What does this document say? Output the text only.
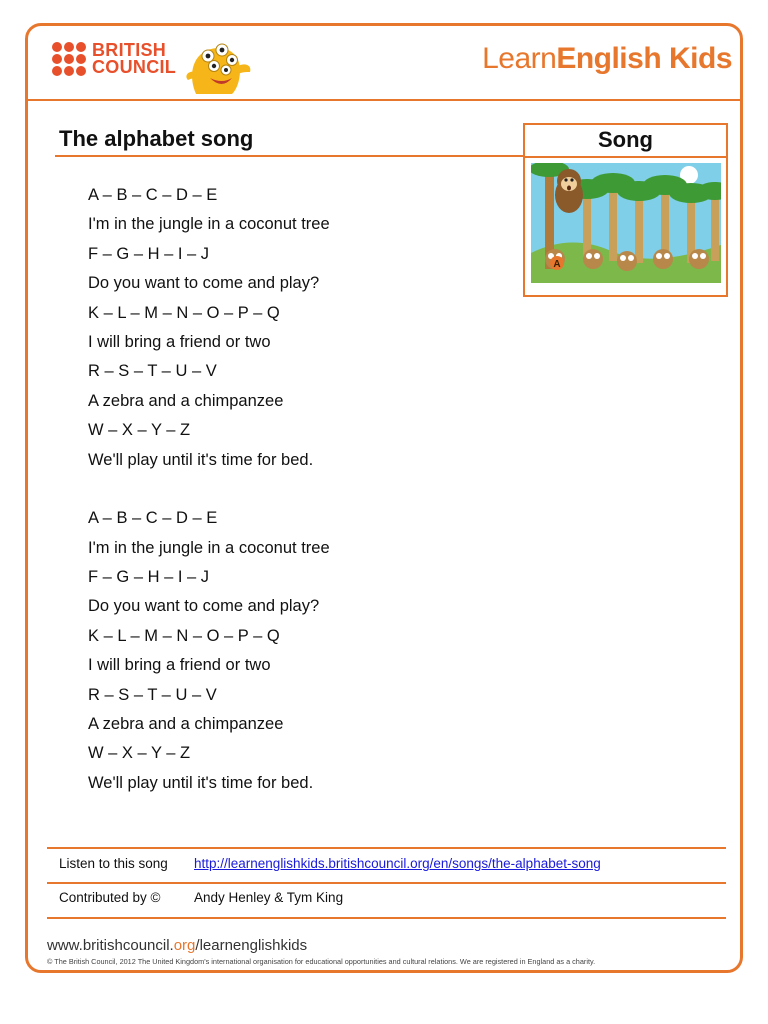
BRITISH
COUNCIL	LearnEnglish Kids
The alphabet song	Song
A
A – B – C – D – E
I'm in the jungle in a coconut tree
F – G – H – I – J
Do you want to come and play?
K – L – M – N – O – P – Q
I will bring a friend or two
R – S – T – U – V
A zebra and a chimpanzee
W – X – Y – Z
We'll play until it's time for bed.
A – B – C – D – E
I'm in the jungle in a coconut tree
F – G – H – I – J
Do you want to come and play?
K – L – M – N – O – P – Q
I will bring a friend or two
R – S – T – U – V
A zebra and a chimpanzee
W – X – Y – Z
We'll play until it's time for bed.
Listen to this song http://learnenglishkids.britishcouncil.org/en/songs/the-alphabet-song
Contributed by © Andy Henley & Tym King
www.britishcouncil.org/learnenglishkids
© The British Council, 2012 The United Kingdom's international organisation for educational opportunities and cultural relations. We are registered in England as a charity.
